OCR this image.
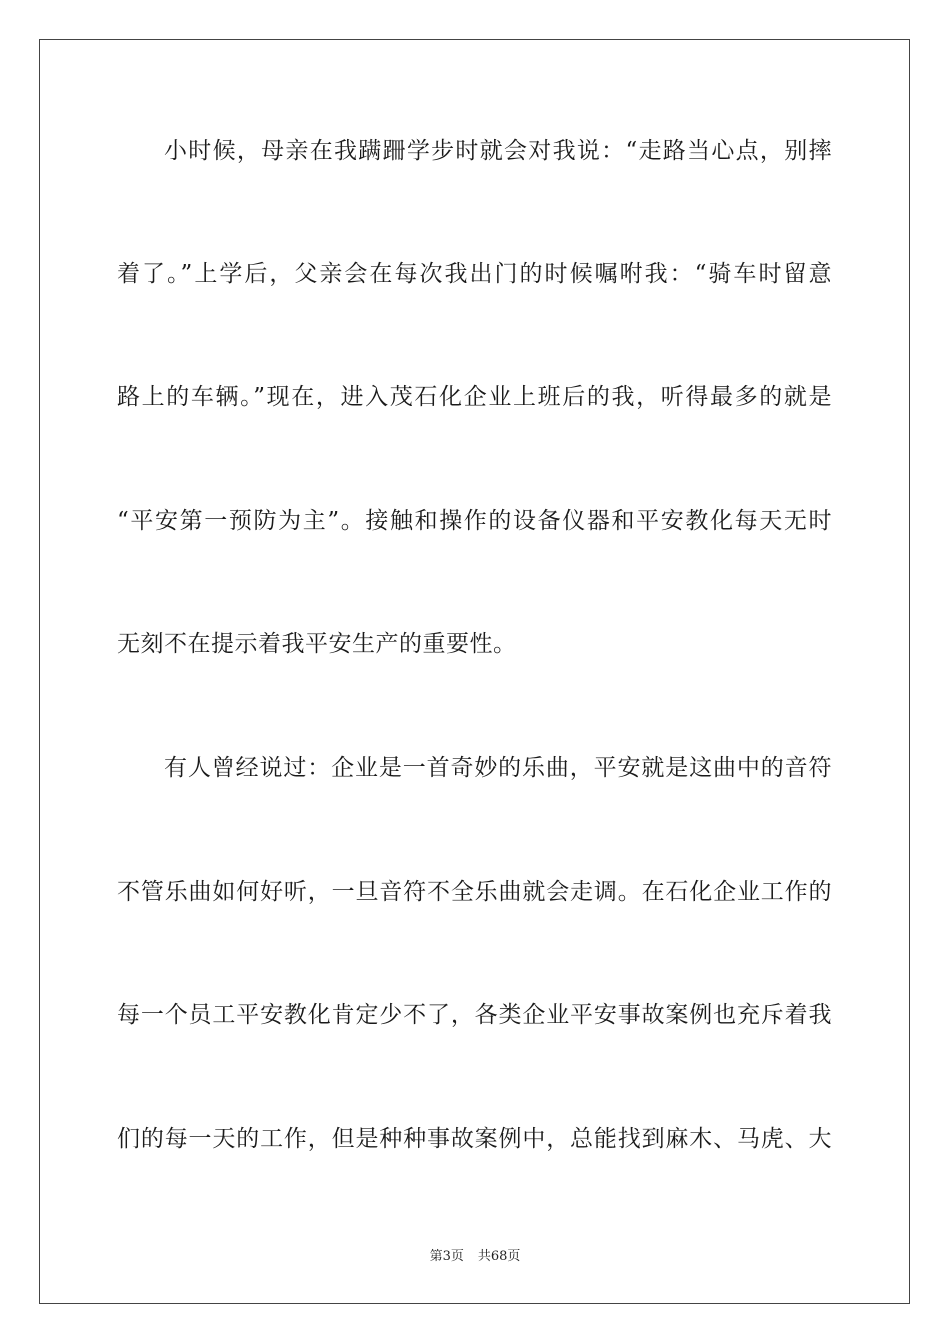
小时候，母亲在我蹒跚学步时就会对我说：“走路当心点，别摔
着了。”上学后，父亲会在每次我出门的时候嘱咐我：“骑车时留意
路上的车辆。”现在，进入茂石化企业上班后的我，听得最多的就是
“平安第一预防为主”。接触和操作的设备仪器和平安教化每天无时
无刻不在提示着我平安生产的重要性。
有人曾经说过：企业是一首奇妙的乐曲，平安就是这曲中的音符
不管乐曲如何好听，一旦音符不全乐曲就会走调。在石化企业工作的
每一个员工平安教化肯定少不了，各类企业平安事故案例也充斥着我
们的每一天的工作，但是种种事故案例中，总能找到麻木、马虎、大
第3页 共68页
